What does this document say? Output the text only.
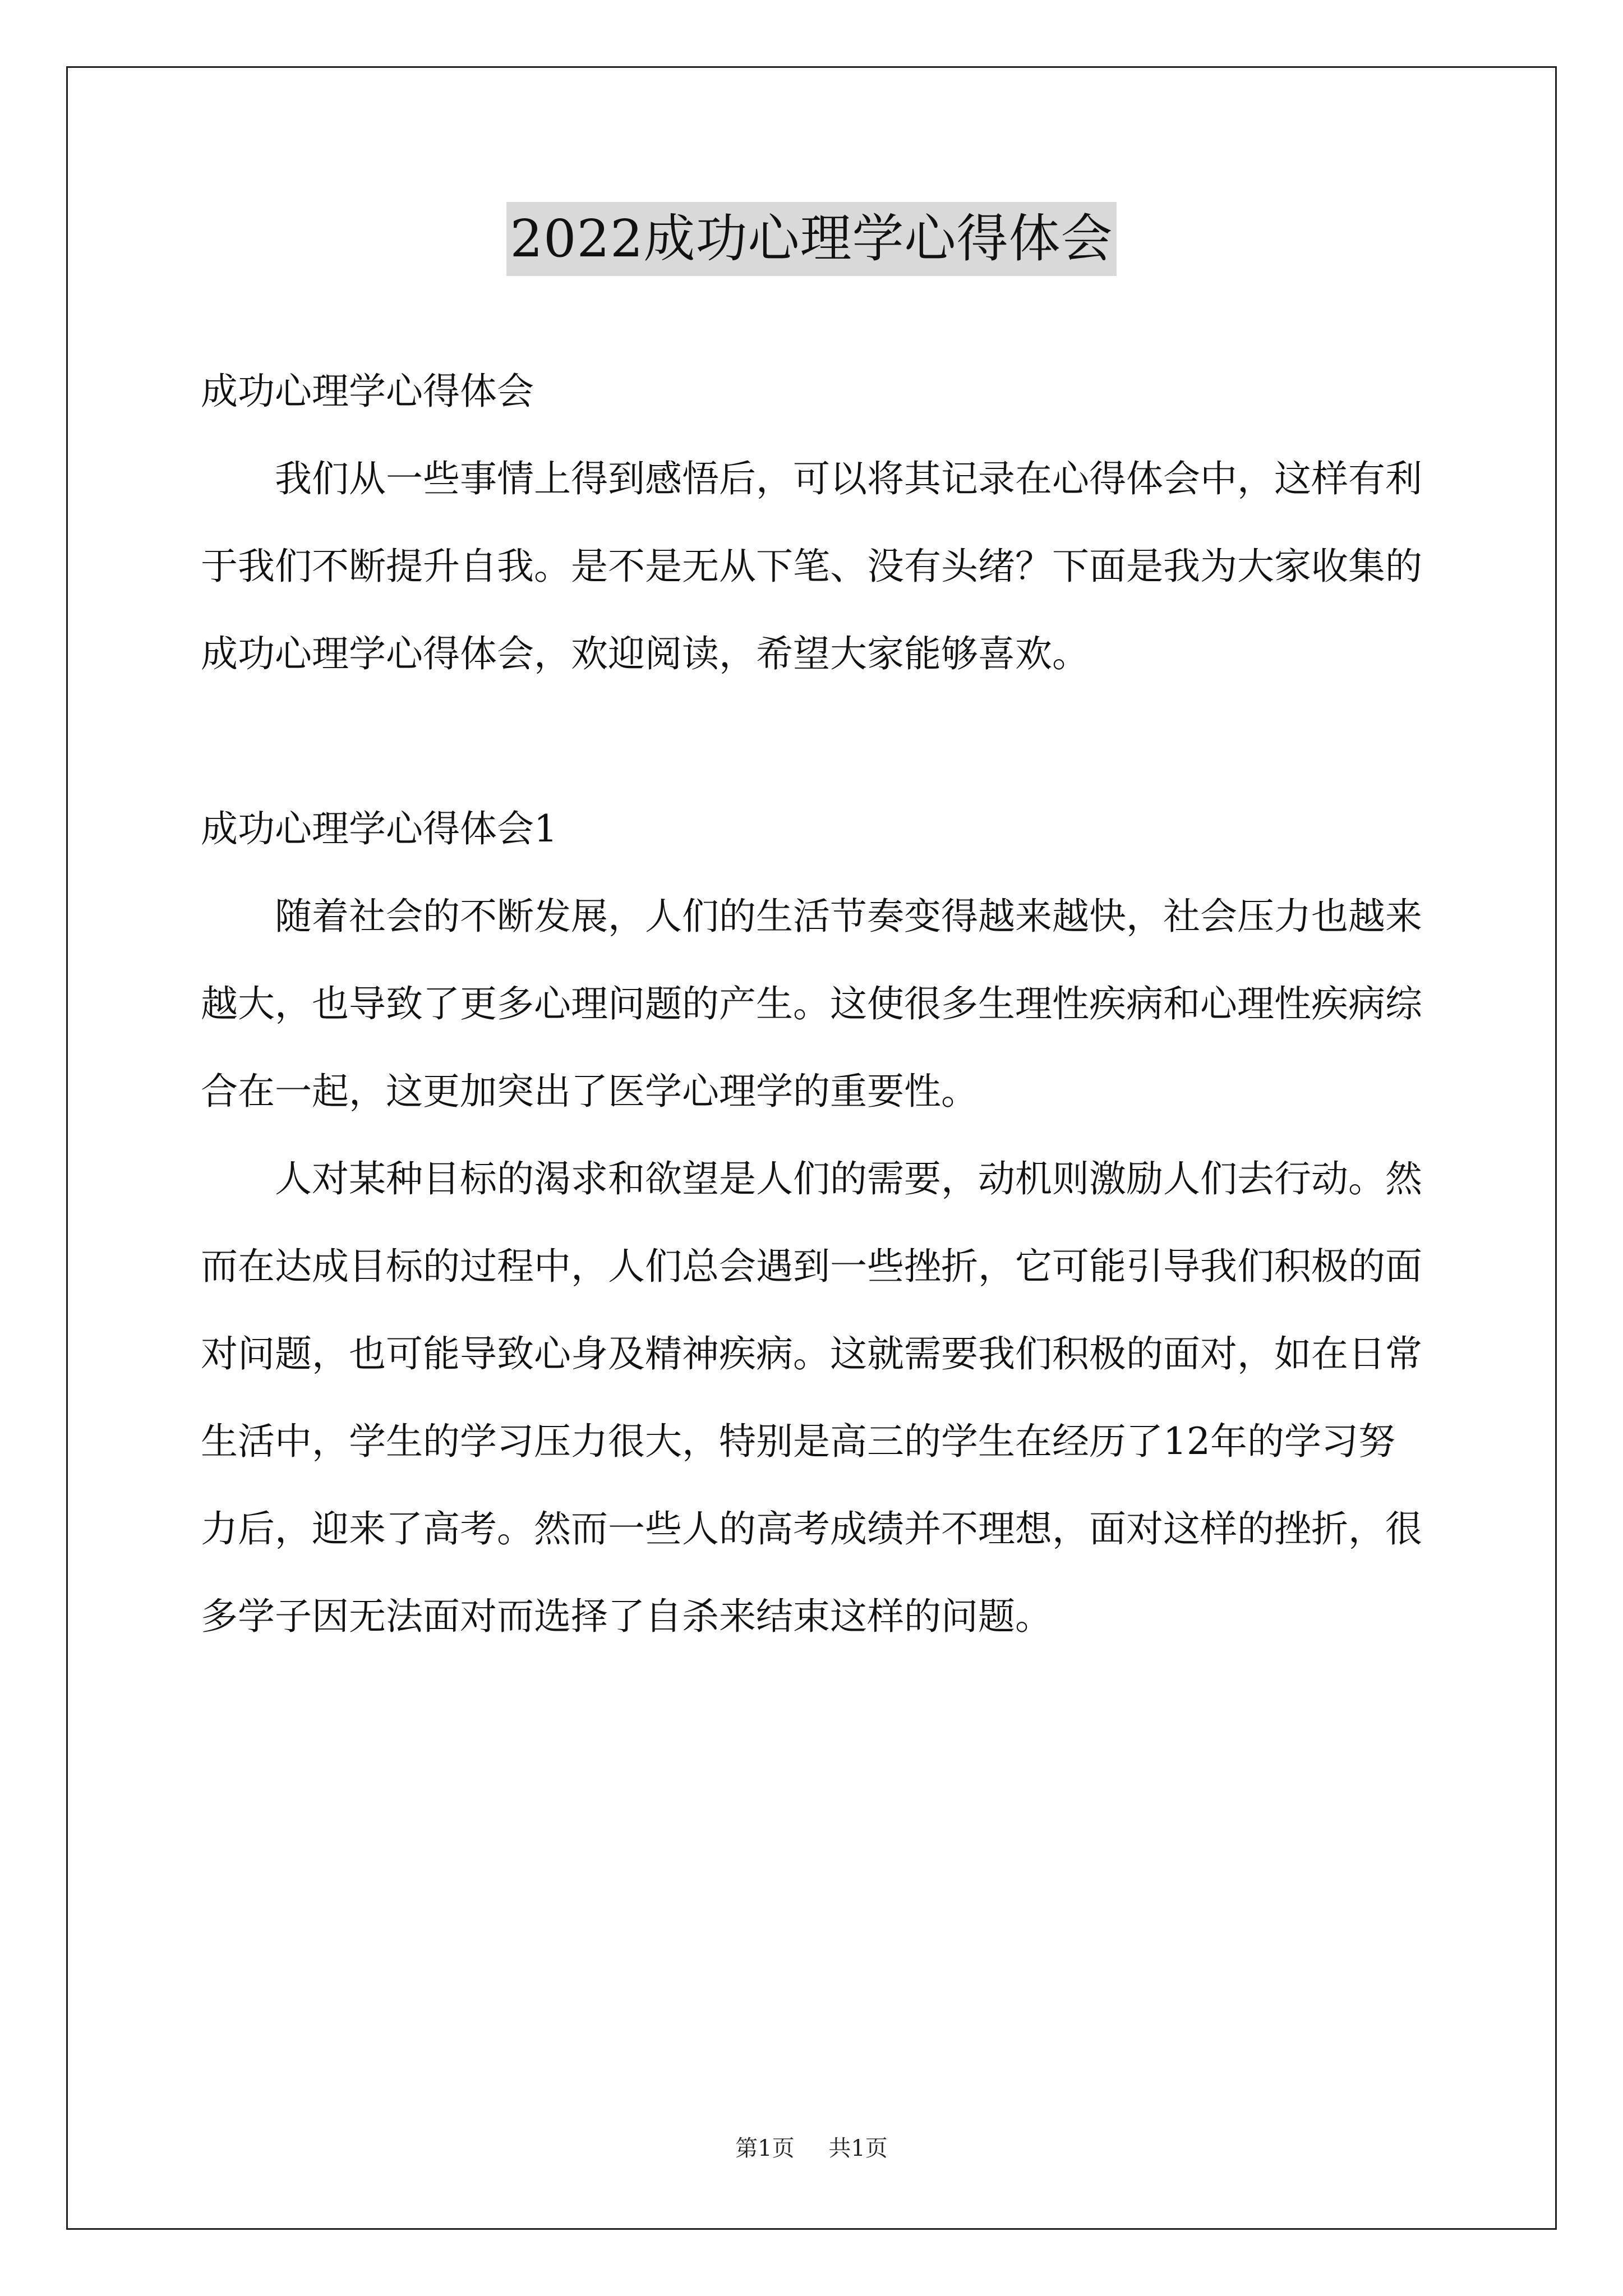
2022成功心理学心得体会

成功心理学心得体会

我们从一些事情上得到感悟后，可以将其记录在心得体会中，这样有利于我们不断提升自我。是不是无从下笔、没有头绪？下面是我为大家收集的成功心理学心得体会，欢迎阅读，希望大家能够喜欢。

成功心理学心得体会1

随着社会的不断发展，人们的生活节奏变得越来越快，社会压力也越来越大，也导致了更多心理问题的产生。这使很多生理性疾病和心理性疾病综合在一起，这更加突出了医学心理学的重要性。

人对某种目标的渴求和欲望是人们的需要，动机则激励人们去行动。然而在达成目标的过程中，人们总会遇到一些挫折，它可能引导我们积极的面对问题，也可能导致心身及精神疾病。这就需要我们积极的面对，如在日常生活中，学生的学习压力很大，特别是高三的学生在经历了12年的学习努力后，迎来了高考。然而一些人的高考成绩并不理想，面对这样的挫折，很多学子因无法面对而选择了自杀来结束这样的问题。

第1页 共1页
